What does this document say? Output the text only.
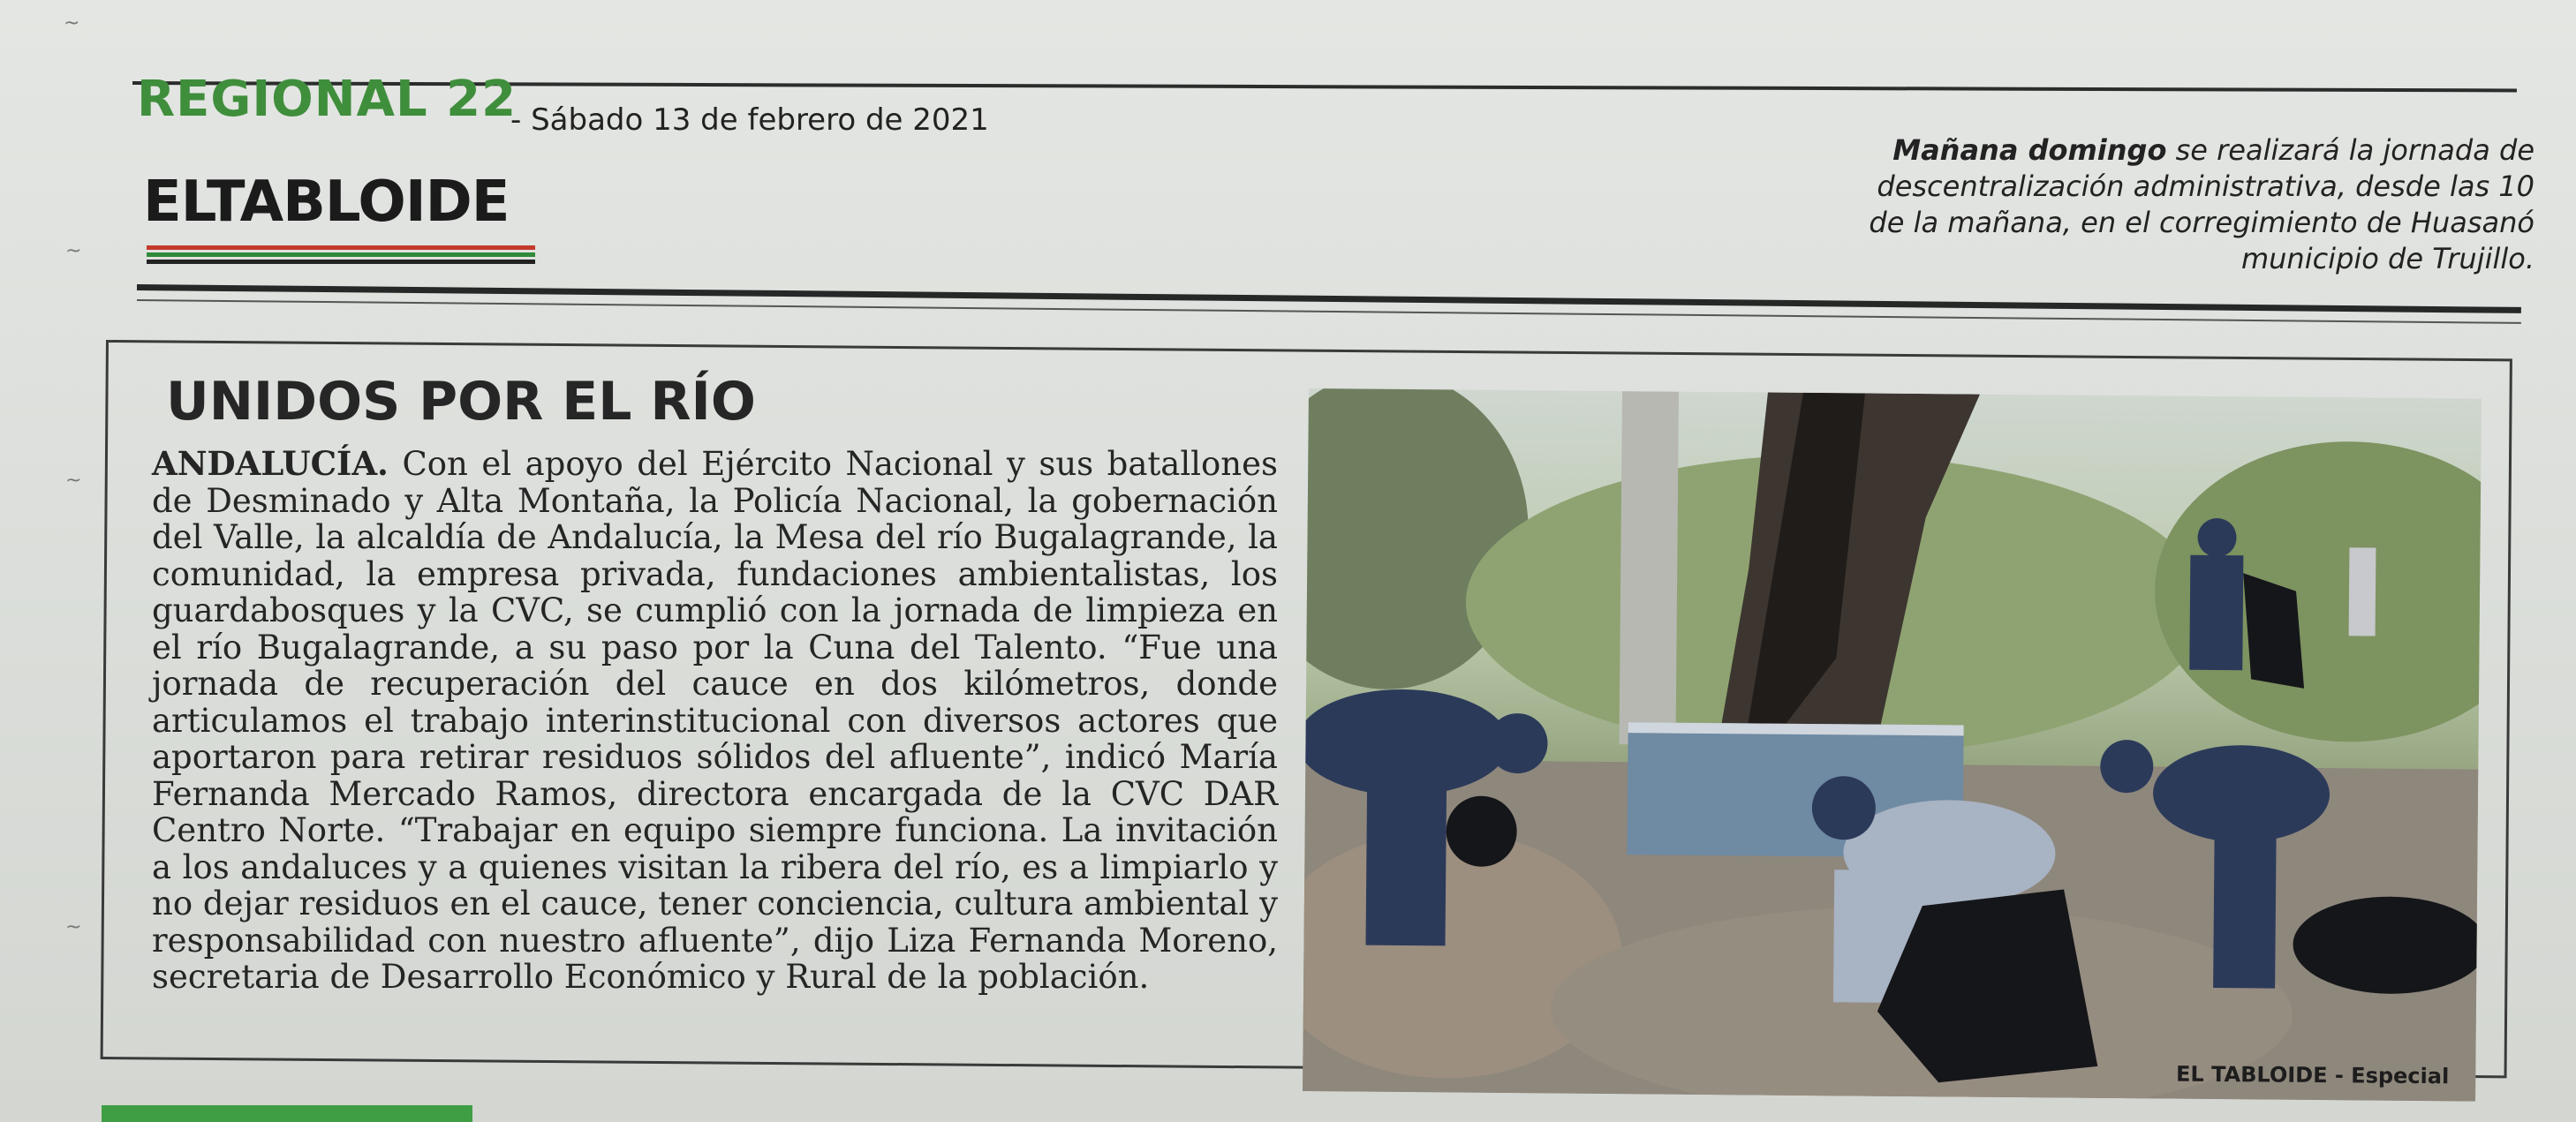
REGIONAL 22
- Sábado 13 de febrero de 2021
ELTABLOIDE
Mañana domingo se realizará la jornada de descentralización administrativa, desde las 10 de la mañana, en el corregimiento de Huasanó municipio de Trujillo.
UNIDOS POR EL RÍO
ANDALUCÍA. Con el apoyo del Ejército Nacional y sus batallones de Desminado y Alta Montaña, la Policía Nacional, la gobernación del Valle, la alcaldía de Andalucía, la Mesa del río Bugalagrande, la comunidad, la empresa privada, fundaciones ambientalistas, los guardabosques y la CVC, se cumplió con la jornada de limpieza en el río Bugalagrande, a su paso por la Cuna del Talento. “Fue una jornada de recuperación del cauce en dos kilómetros, donde articulamos el trabajo interinstitucional con diversos actores que aportaron para retirar residuos sólidos del afluente”, indicó María Fernanda Mercado Ramos, directora encargada de la CVC DAR Centro Norte. “Trabajar en equipo siempre funciona. La invitación a los andaluces y a quienes visitan la ribera del río, es a limpiarlo y no dejar residuos en el cauce, tener conciencia, cultura ambiental y responsabilidad con nuestro afluente”, dijo Liza Fernanda Moreno, secretaria de Desarrollo Económico y Rural de la población.
EL TABLOIDE - Especial
~
~
~
~
